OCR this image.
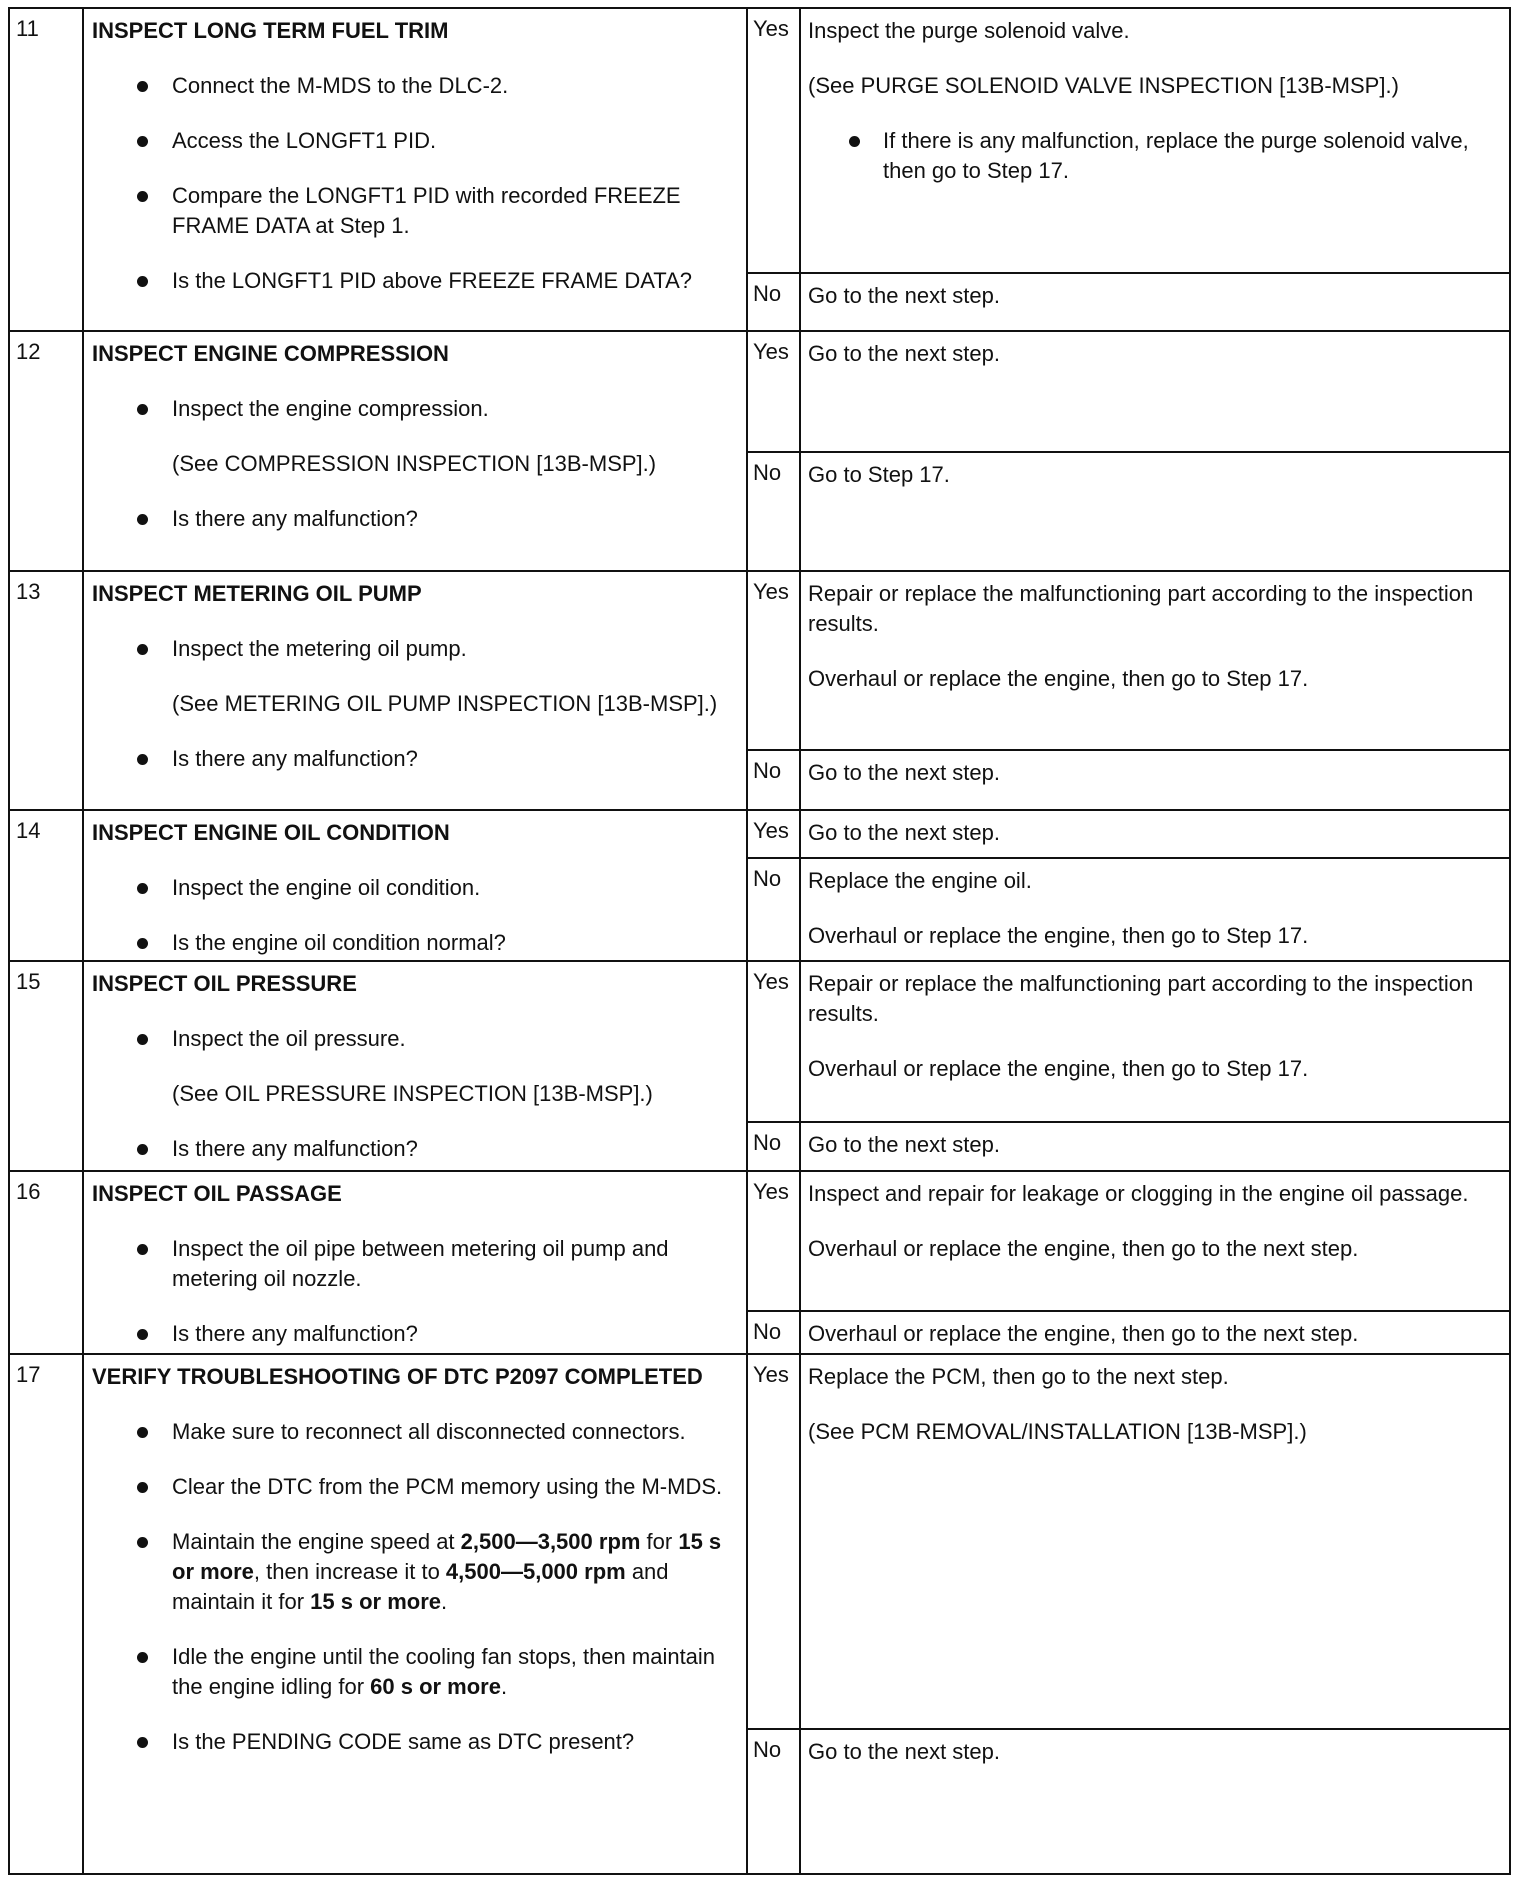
11	INSPECT LONG TERM FUEL TRIM
Connect the M-MDS to the DLC-2.
Access the LONGFT1 PID.
Compare the LONGFT1 PID with recorded FREEZE FRAME DATA at Step 1.
Is the LONGFT1 PID above FREEZE FRAME DATA?
Yes Inspect the purge solenoid valve.
(See PURGE SOLENOID VALVE INSPECTION [13B-MSP].)
If there is any malfunction, replace the purge solenoid valve, then go to Step 17.
No	Go to the next step.
12	INSPECT ENGINE COMPRESSION
Inspect the engine compression.
(See COMPRESSION INSPECTION [13B-MSP].)
Is there any malfunction?
Yes Go to the next step.
No	Go to Step 17.
13	INSPECT METERING OIL PUMP
Inspect the metering oil pump.
(See METERING OIL PUMP INSPECTION [13B-MSP].)
Is there any malfunction?
Yes Repair or replace the malfunctioning part according to the inspection results.
Overhaul or replace the engine, then go to Step 17.
No	Go to the next step.
14	INSPECT ENGINE OIL CONDITION
Inspect the engine oil condition.
Is the engine oil condition normal?
Yes Go to the next step.
No	Replace the engine oil.
Overhaul or replace the engine, then go to Step 17.
15	INSPECT OIL PRESSURE
Inspect the oil pressure.
(See OIL PRESSURE INSPECTION [13B-MSP].)
Is there any malfunction?
Yes Repair or replace the malfunctioning part according to the inspection results.
Overhaul or replace the engine, then go to Step 17.
No	Go to the next step.
16	INSPECT OIL PASSAGE
Inspect the oil pipe between metering oil pump and metering oil nozzle.
Is there any malfunction?
Yes Inspect and repair for leakage or clogging in the engine oil passage.
Overhaul or replace the engine, then go to the next step.
No	Overhaul or replace the engine, then go to the next step.
17	VERIFY TROUBLESHOOTING OF DTC P2097 COMPLETED
Make sure to reconnect all disconnected connectors.
Clear the DTC from the PCM memory using the M-MDS.
Maintain the engine speed at 2,500—3,500 rpm for 15 s or more, then increase it to 4,500—5,000 rpm and maintain it for 15 s or more.
Idle the engine until the cooling fan stops, then maintain the engine idling for 60 s or more.
Is the PENDING CODE same as DTC present?
Yes Replace the PCM, then go to the next step.
(See PCM REMOVAL/INSTALLATION [13B-MSP].)
No	Go to the next step.
